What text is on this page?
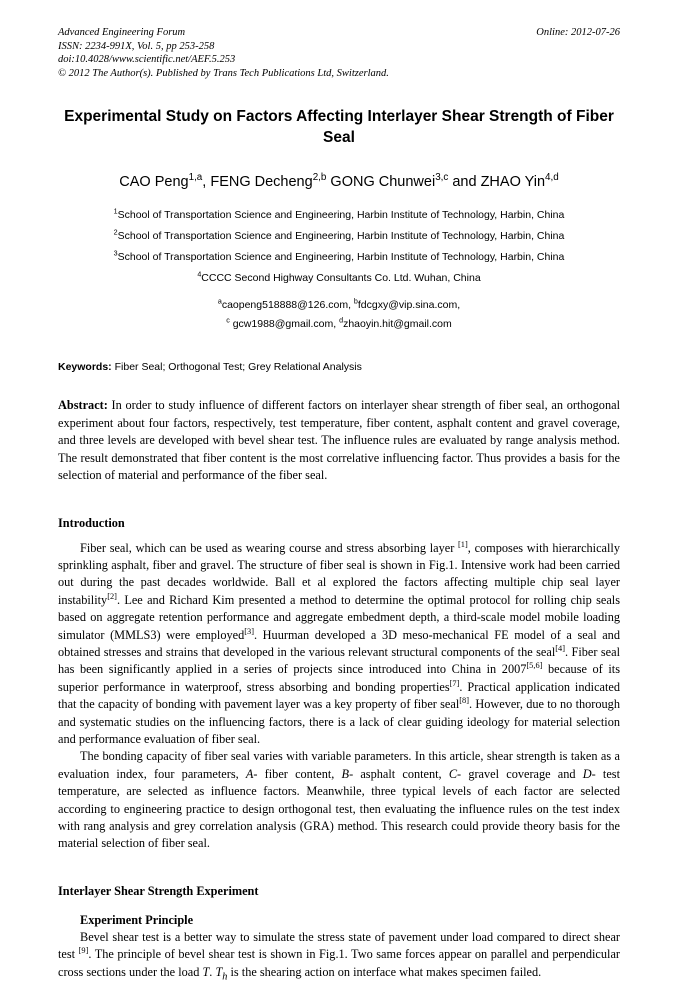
Online: 2012-07-26
Advanced Engineering Forum
ISSN: 2234-991X, Vol. 5, pp 253-258
doi:10.4028/www.scientific.net/AEF.5.253
© 2012 The Author(s). Published by Trans Tech Publications Ltd, Switzerland.
Experimental Study on Factors Affecting Interlayer Shear Strength of Fiber Seal
CAO Peng$^{1,a}$, FENG Decheng$^{2,b}$ GONG Chunwei$^{3,c}$ and ZHAO Yin$^{4,d}$
$^1$School of Transportation Science and Engineering, Harbin Institute of Technology, Harbin, China
$^2$School of Transportation Science and Engineering, Harbin Institute of Technology, Harbin, China
$^3$School of Transportation Science and Engineering, Harbin Institute of Technology, Harbin, China
$^4$CCCC Second Highway Consultants Co. Ltd. Wuhan, China
$^a$caopeng518888@126.com, $^b$fdcgxy@vip.sina.com,
$^c$ gcw1988@gmail.com, $^d$zhaoyin.hit@gmail.com
Keywords: Fiber Seal; Orthogonal Test; Grey Relational Analysis
Abstract: In order to study influence of different factors on interlayer shear strength of fiber seal, an orthogonal experiment about four factors, respectively, test temperature, fiber content, asphalt content and gravel coverage, and three levels are developed with bevel shear test. The influence rules are evaluated by range analysis method. The result demonstrated that fiber content is the most correlative influencing factor. Thus provides a basis for the selection of material and performance of the fiber seal.
Introduction

Fiber seal, which can be used as wearing course and stress absorbing layer [1], composes with hierarchically sprinkling asphalt, fiber and gravel. The structure of fiber seal is shown in Fig.1. Intensive work had been carried out during the past decades worldwide. Ball et al explored the factors affecting multiple chip seal layer instability[2]. Lee and Richard Kim presented a method to determine the optimal protocol for rolling chip seals based on aggregate retention performance and aggregate embedment depth, a third-scale model mobile loading simulator (MMLS3) were employed[3]. Huurman developed a 3D meso-mechanical FE model of a seal and obtained stresses and strains that developed in the various relevant structural components of the seal[4]. Fiber seal has been significantly applied in a series of projects since introduced into China in 2007[5,6] because of its superior performance in waterproof, stress absorbing and bonding properties[7]. Practical application indicated that the capacity of bonding with pavement layer was a key property of fiber seal[8]. However, due to no thorough and systematic studies on the influencing factors, there is a lack of clear guiding ideology for material selection and performance evaluation of fiber seal.

The bonding capacity of fiber seal varies with variable parameters. In this article, shear strength is taken as a evaluation index, four parameters, A- fiber content, B- asphalt content, C- gravel coverage and D- test temperature, are selected as influence factors. Meanwhile, three typical levels of each factor are selected according to engineering practice to design orthogonal test, then evaluating the influence rules on the test index with rang analysis and grey correlation analysis (GRA) method. This research could provide theory basis for the material selection of fiber seal.

Interlayer Shear Strength Experiment
Experiment Principle

Bevel shear test is a better way to simulate the stress state of pavement under load compared to direct shear test [9]. The principle of bevel shear test is shown in Fig.1. Two same forces appear on parallel and perpendicular cross sections under the load T. $T_h$ is the shearing action on interface what makes specimen failed.
